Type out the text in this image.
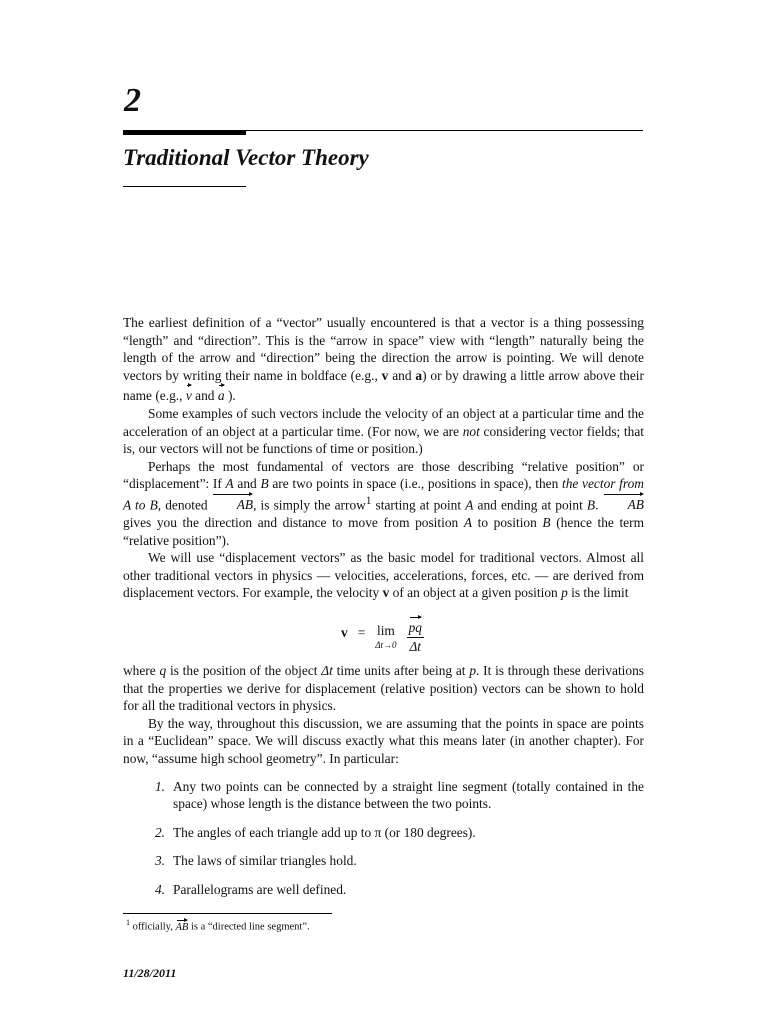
2
Traditional Vector Theory

The earliest definition of a “vector” usually encountered is that a vector is a thing possessing “length” and “direction”. This is the “arrow in space” view with “length” naturally being the length of the arrow and “direction” being the direction the arrow is pointing. We will denote vectors by writing their name in boldface (e.g., v and a) or by drawing a little arrow above their name (e.g., v and a ).

Some examples of such vectors include the velocity of an object at a particular time and the acceleration of an object at a particular time. (For now, we are not considering vector fields; that is, our vectors will not be functions of time or position.)

Perhaps the most fundamental of vectors are those describing “relative position” or “displacement”: If A and B are two points in space (i.e., positions in space), then the vector from A to B, denoted AB, is simply the arrow$^1$ starting at point A and ending at point B. AB gives you the direction and distance to move from position A to position B (hence the term “relative position”).

We will use “displacement vectors” as the basic model for traditional vectors. Almost all other traditional vectors in physics — velocities, accelerations, forces, etc. — are derived from displacement vectors. For example, the velocity v of an object at a given position p is the limit

v = lim
$\Delta t\to 0 \frac{pq}{\Delta t}$

where q is the position of the object Δt time units after being at p. It is through these derivations that the properties we derive for displacement (relative position) vectors can be shown to hold for all the traditional vectors in physics.

By the way, throughout this discussion, we are assuming that the points in space are points in a “Euclidean” space. We will discuss exactly what this means later (in another chapter). For now, “assume high school geometry”. In particular:

1. Any two points can be connected by a straight line segment (totally contained in the space) whose length is the distance between the two points.
2. The angles of each triangle add up to π (or 180 degrees).
3. The laws of similar triangles hold.
4. Parallelograms are well defined.
$^1$ officially, AB is a “directed line segment”.
11/28/2011
